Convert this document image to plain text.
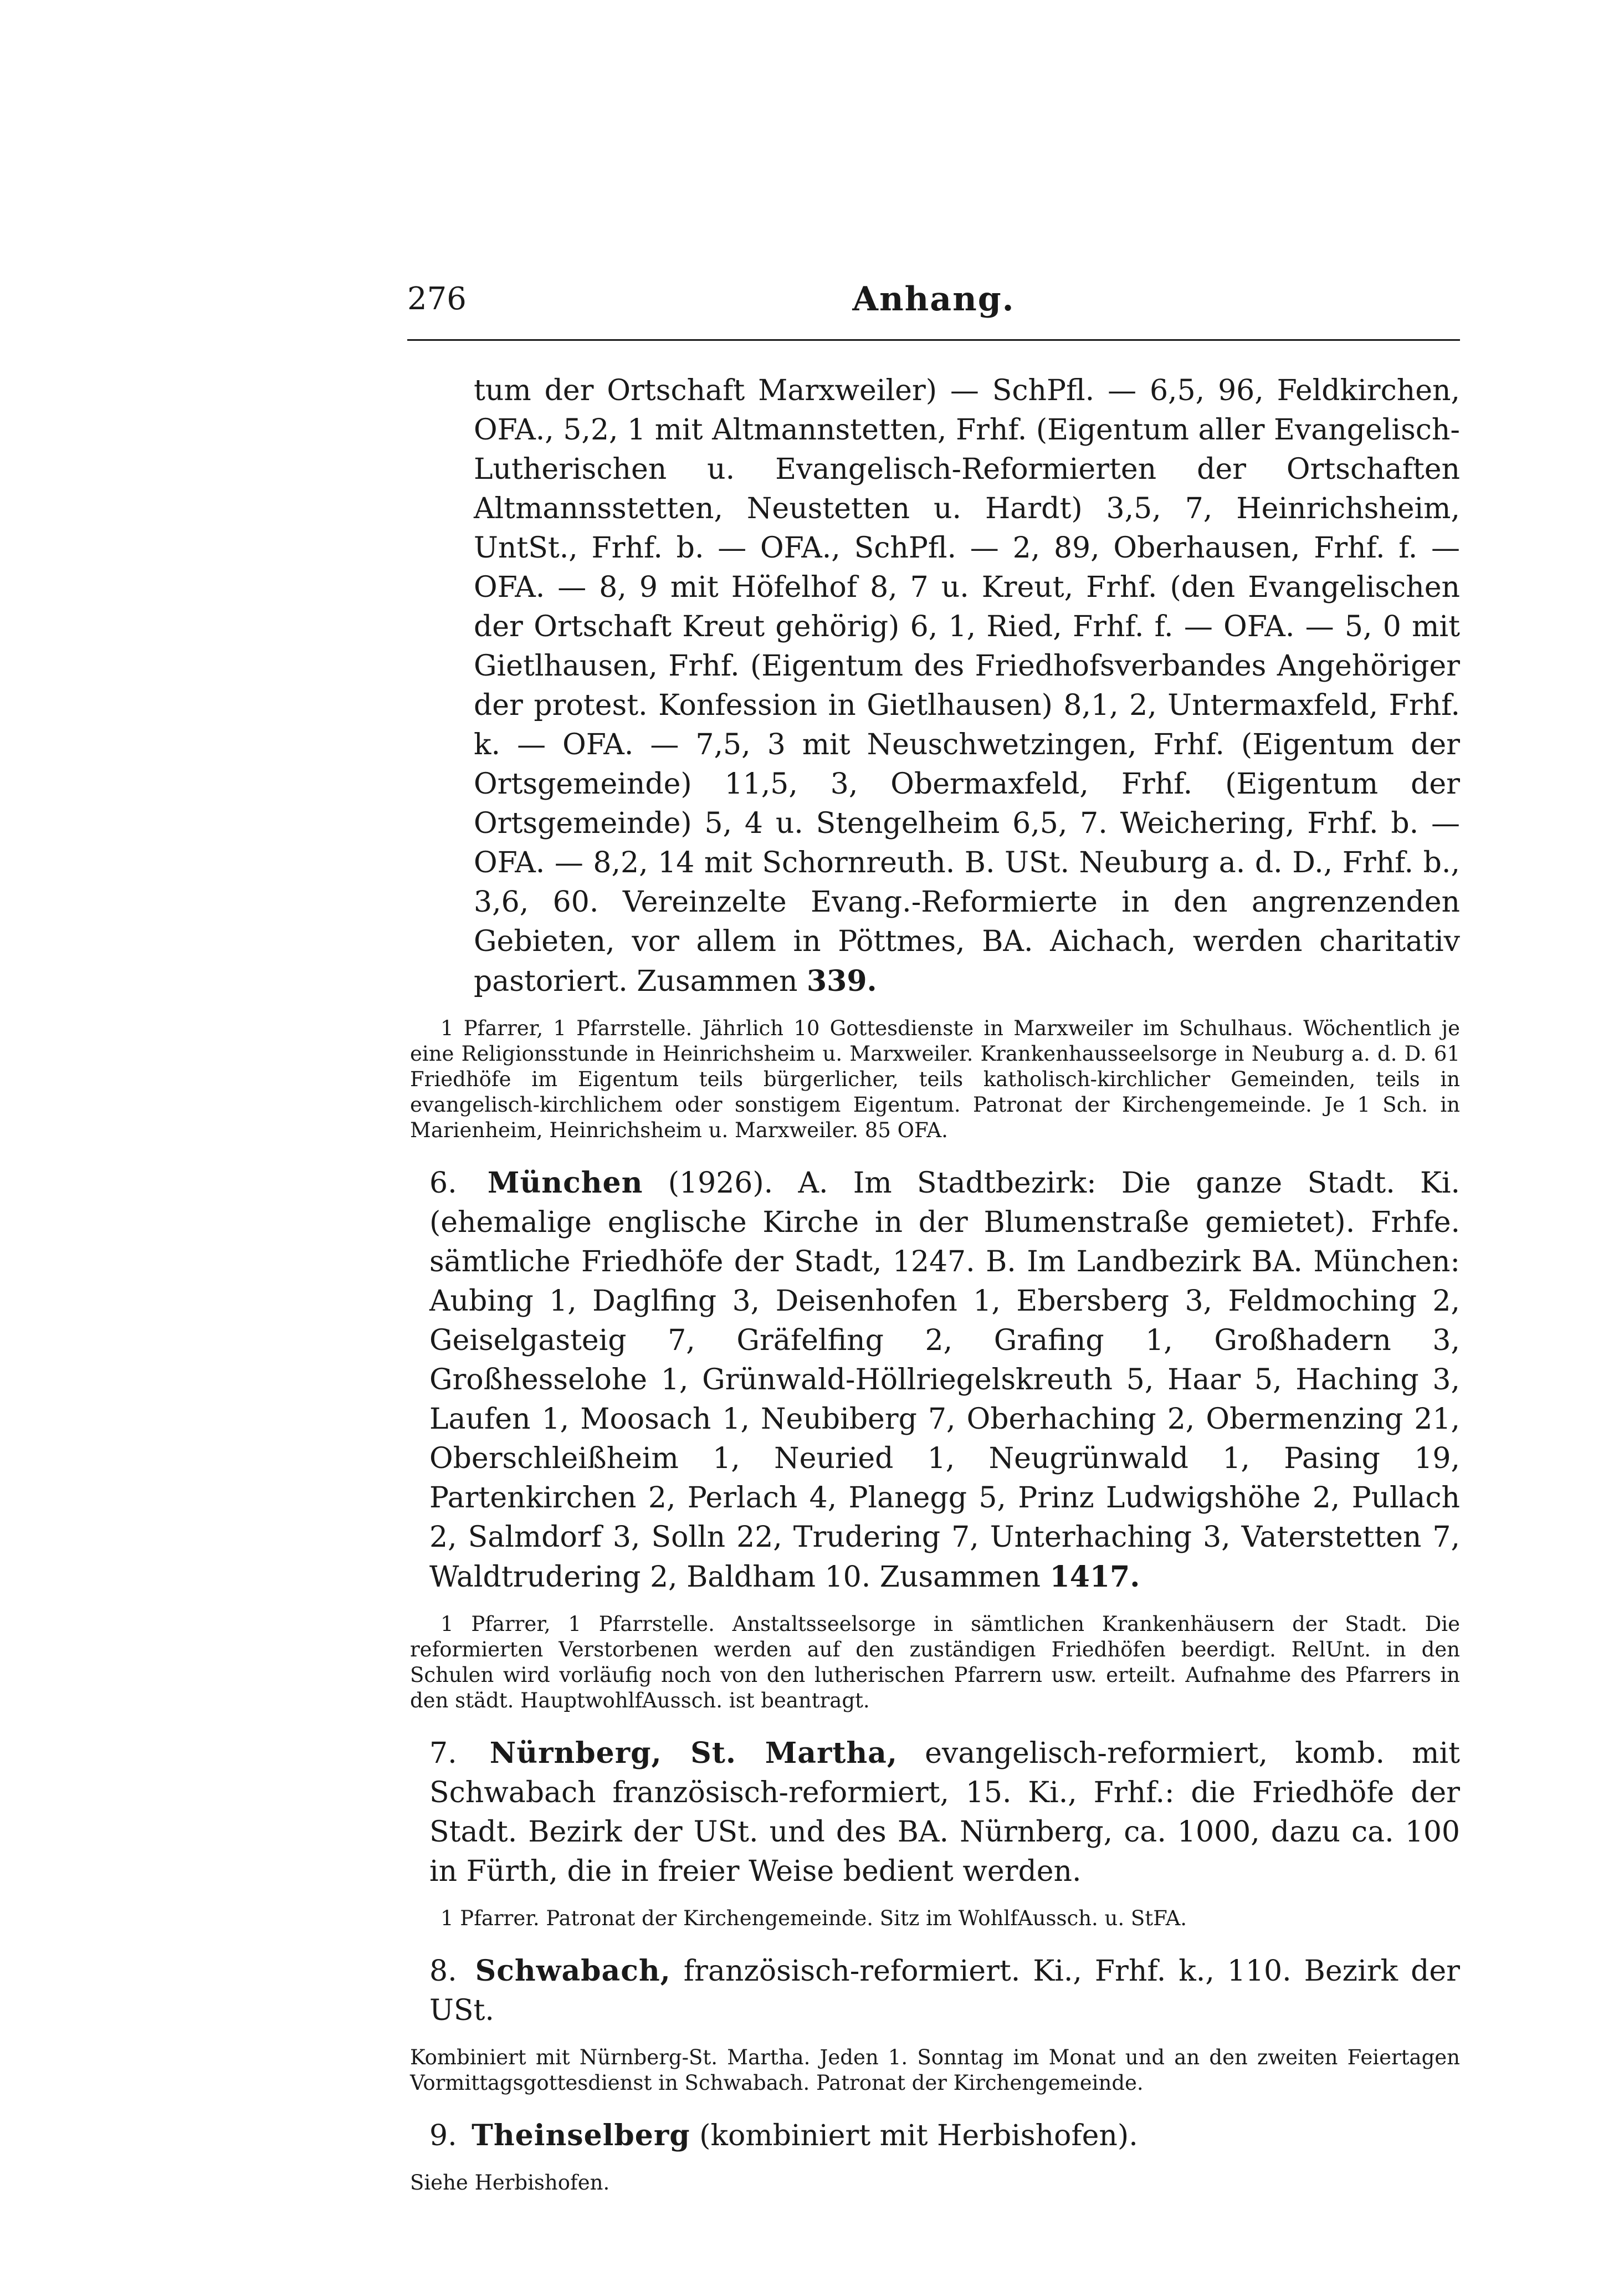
276	Anhang.

tum der Ortschaft Marxweiler) — SchPfl. — 6,5, 96, Feldkirchen, OFA., 5,2, 1 mit Altmannstetten, Frhf. (Eigentum aller Evangelisch-Lutherischen u. Evangelisch-Reformierten der Ortschaften Altmannsstetten, Neustetten u. Hardt) 3,5, 7, Heinrichsheim, UntSt., Frhf. b. — OFA., SchPfl. — 2, 89, Oberhausen, Frhf. f. — OFA. — 8, 9 mit Höfelhof 8, 7 u. Kreut, Frhf. (den Evangelischen der Ortschaft Kreut gehörig) 6, 1, Ried, Frhf. f. — OFA. — 5, 0 mit Gietlhausen, Frhf. (Eigentum des Friedhofsverbandes Angehöriger der protest. Konfession in Gietlhausen) 8,1, 2, Untermaxfeld, Frhf. k. — OFA. — 7,5, 3 mit Neuschwetzingen, Frhf. (Eigentum der Ortsgemeinde) 11,5, 3, Obermaxfeld, Frhf. (Eigentum der Ortsgemeinde) 5, 4 u. Stengelheim 6,5, 7. Weichering, Frhf. b. — OFA. — 8,2, 14 mit Schornreuth. B. USt. Neuburg a. d. D., Frhf. b., 3,6, 60. Vereinzelte Evang.-Reformierte in den angrenzenden Gebieten, vor allem in Pöttmes, BA. Aichach, werden charitativ pastoriert. Zusammen 339.

1 Pfarrer, 1 Pfarrstelle. Jährlich 10 Gottesdienste in Marxweiler im Schulhaus. Wöchentlich je eine Religionsstunde in Heinrichsheim u. Marxweiler. Krankenhausseelsorge in Neuburg a. d. D. 61 Friedhöfe im Eigentum teils bürgerlicher, teils katholisch-kirchlicher Gemeinden, teils in evangelisch-kirchlichem oder sonstigem Eigentum. Patronat der Kirchengemeinde. Je 1 Sch. in Marienheim, Heinrichsheim u. Marxweiler. 85 OFA.

6. München (1926). A. Im Stadtbezirk: Die ganze Stadt. Ki. (ehemalige englische Kirche in der Blumenstraße gemietet). Frhfe. sämtliche Friedhöfe der Stadt, 1247. B. Im Landbezirk BA. München: Aubing 1, Daglfing 3, Deisenhofen 1, Ebersberg 3, Feldmoching 2, Geiselgasteig 7, Gräfelfing 2, Grafing 1, Großhadern 3, Großhesselohe 1, Grünwald-Höllriegelskreuth 5, Haar 5, Haching 3, Laufen 1, Moosach 1, Neubiberg 7, Oberhaching 2, Obermenzing 21, Oberschleißheim 1, Neuried 1, Neugrünwald 1, Pasing 19, Partenkirchen 2, Perlach 4, Planegg 5, Prinz Ludwigshöhe 2, Pullach 2, Salmdorf 3, Solln 22, Trudering 7, Unterhaching 3, Vaterstetten 7, Waldtrudering 2, Baldham 10. Zusammen 1417.

1 Pfarrer, 1 Pfarrstelle. Anstaltsseelsorge in sämtlichen Krankenhäusern der Stadt. Die reformierten Verstorbenen werden auf den zuständigen Friedhöfen beerdigt. RelUnt. in den Schulen wird vorläufig noch von den lutherischen Pfarrern usw. erteilt. Aufnahme des Pfarrers in den städt. HauptwohlfAussch. ist beantragt.

7. Nürnberg, St. Martha, evangelisch-reformiert, komb. mit Schwabach französisch-reformiert, 15. Ki., Frhf.: die Friedhöfe der Stadt. Bezirk der USt. und des BA. Nürnberg, ca. 1000, dazu ca. 100 in Fürth, die in freier Weise bedient werden.

1 Pfarrer. Patronat der Kirchengemeinde. Sitz im WohlfAussch. u. StFA.

8. Schwabach, französisch-reformiert. Ki., Frhf. k., 110. Bezirk der USt.

Kombiniert mit Nürnberg-St. Martha. Jeden 1. Sonntag im Monat und an den zweiten Feiertagen Vormittagsgottesdienst in Schwabach. Patronat der Kirchengemeinde.

9. Theinselberg (kombiniert mit Herbishofen).

Siehe Herbishofen.
